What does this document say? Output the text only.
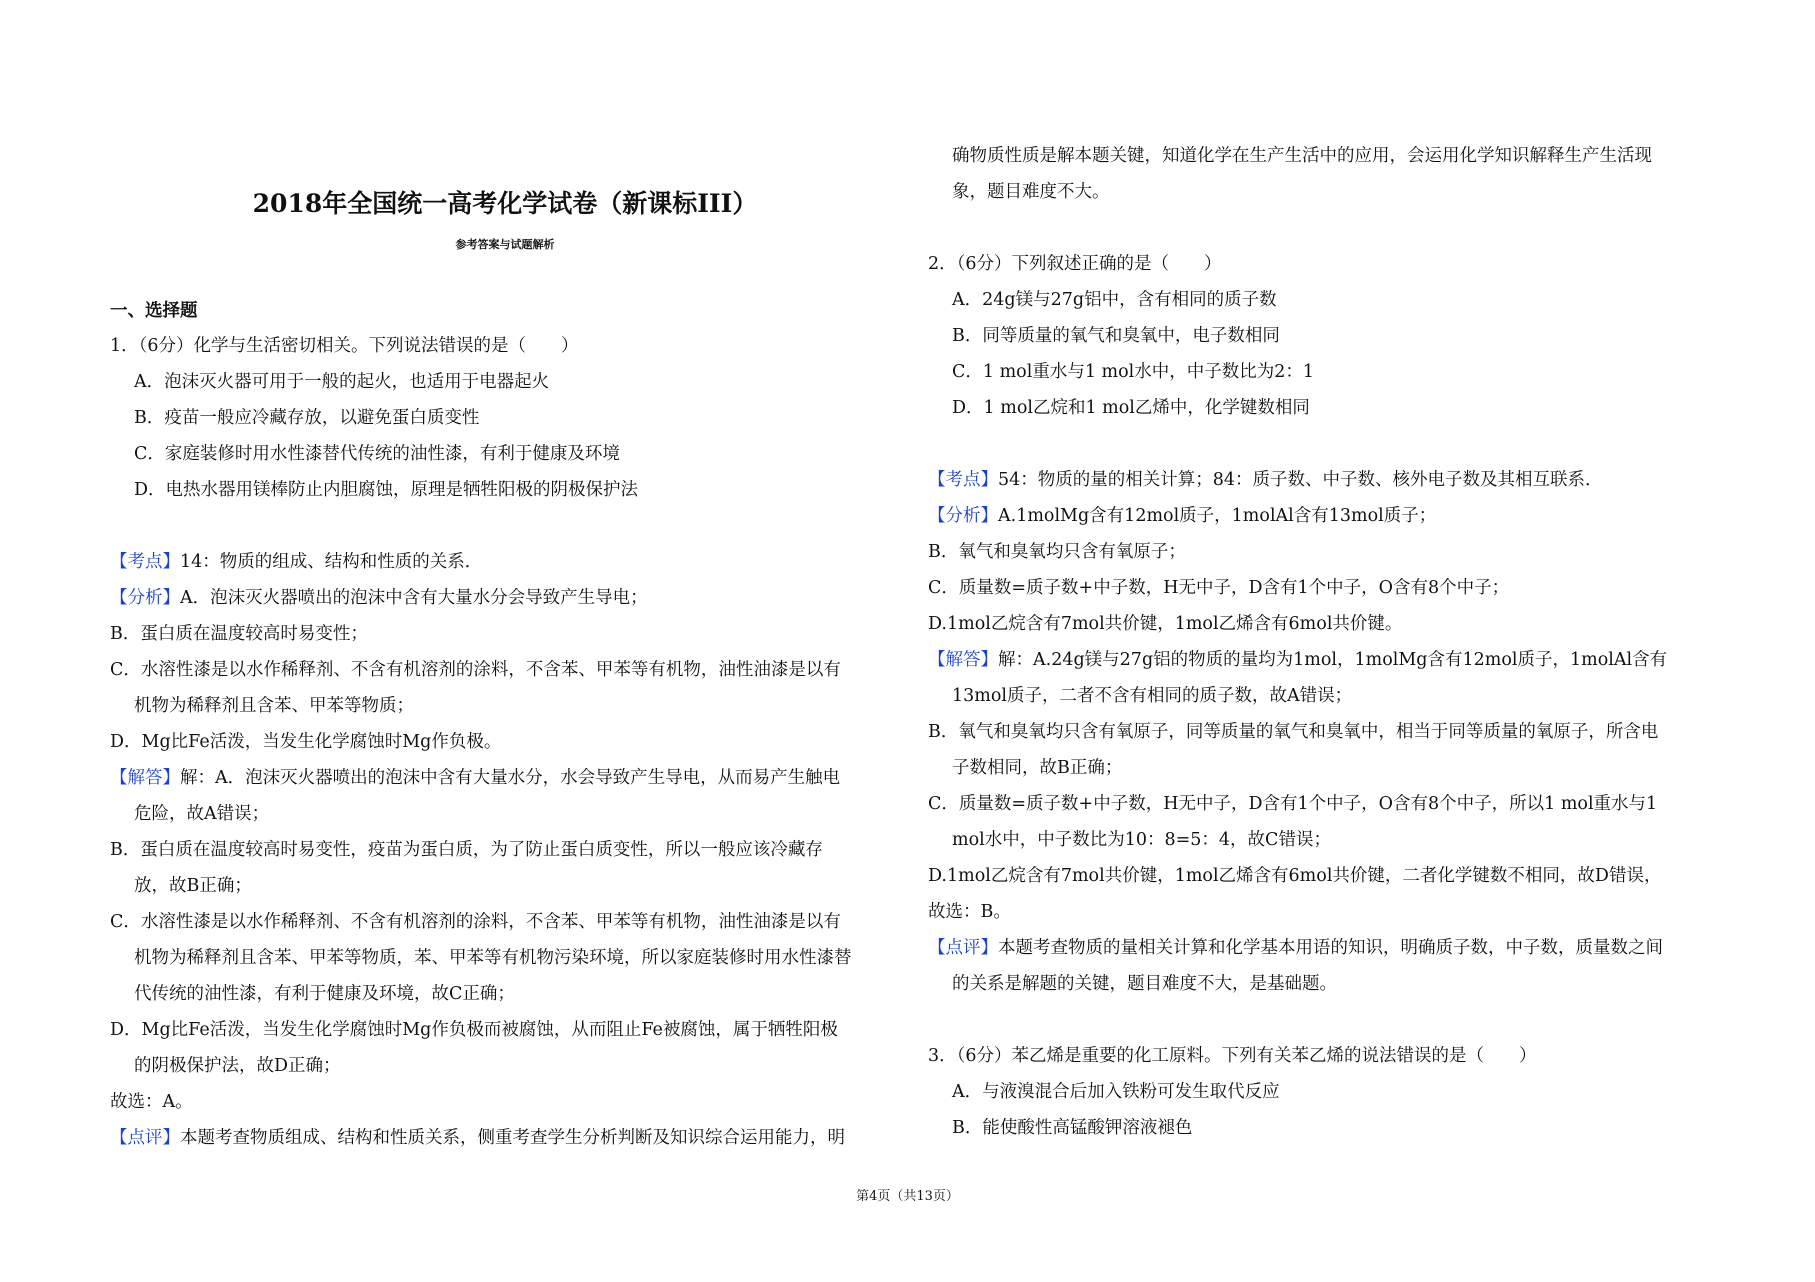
2018年全国统一高考化学试卷（新课标III）
参考答案与试题解析
一、选择题
1．（6分）化学与生活密切相关。下列说法错误的是（　　）
A．泡沫灭火器可用于一般的起火，也适用于电器起火
B．疫苗一般应冷藏存放，以避免蛋白质变性
C．家庭装修时用水性漆替代传统的油性漆，有利于健康及环境
D．电热水器用镁棒防止内胆腐蚀，原理是牺牲阳极的阴极保护法
【考点】14：物质的组成、结构和性质的关系．
【分析】A．泡沫灭火器喷出的泡沫中含有大量水分会导致产生导电；
B．蛋白质在温度较高时易变性；
C．水溶性漆是以水作稀释剂、不含有机溶剂的涂料，不含苯、甲苯等有机物，油性油漆是以有
机物为稀释剂且含苯、甲苯等物质；
D．Mg比Fe活泼，当发生化学腐蚀时Mg作负极。
【解答】解：A．泡沫灭火器喷出的泡沫中含有大量水分，水会导致产生导电，从而易产生触电
危险，故A错误；
B．蛋白质在温度较高时易变性，疫苗为蛋白质，为了防止蛋白质变性，所以一般应该冷藏存
放，故B正确；
C．水溶性漆是以水作稀释剂、不含有机溶剂的涂料，不含苯、甲苯等有机物，油性油漆是以有
机物为稀释剂且含苯、甲苯等物质，苯、甲苯等有机物污染环境，所以家庭装修时用水性漆替
代传统的油性漆，有利于健康及环境，故C正确；
D．Mg比Fe活泼，当发生化学腐蚀时Mg作负极而被腐蚀，从而阻止Fe被腐蚀，属于牺牲阳极
的阴极保护法，故D正确；
故选：A。
【点评】本题考查物质组成、结构和性质关系，侧重考查学生分析判断及知识综合运用能力，明
确物质性质是解本题关键，知道化学在生产生活中的应用，会运用化学知识解释生产生活现
象，题目难度不大。
2．（6分）下列叙述正确的是（　　）
A．24g镁与27g铝中，含有相同的质子数
B．同等质量的氧气和臭氧中，电子数相同
C．1 mol重水与1 mol水中，中子数比为2：1
D．1 mol乙烷和1 mol乙烯中，化学键数相同
【考点】54：物质的量的相关计算；84：质子数、中子数、核外电子数及其相互联系．
【分析】A.1molMg含有12mol质子，1molAl含有13mol质子；
B．氧气和臭氧均只含有氧原子；
C．质量数=质子数+中子数，H无中子，D含有1个中子，O含有8个中子；
D.1mol乙烷含有7mol共价键，1mol乙烯含有6mol共价键。
【解答】解：A.24g镁与27g铝的物质的量均为1mol，1molMg含有12mol质子，1molAl含有
13mol质子，二者不含有相同的质子数，故A错误；
B．氧气和臭氧均只含有氧原子，同等质量的氧气和臭氧中，相当于同等质量的氧原子，所含电
子数相同，故B正确；
C．质量数=质子数+中子数，H无中子，D含有1个中子，O含有8个中子，所以1 mol重水与1
mol水中，中子数比为10：8=5：4，故C错误；
D.1mol乙烷含有7mol共价键，1mol乙烯含有6mol共价键，二者化学键数不相同，故D错误，
故选：B。
【点评】本题考查物质的量相关计算和化学基本用语的知识，明确质子数，中子数，质量数之间
的关系是解题的关键，题目难度不大，是基础题。
3．（6分）苯乙烯是重要的化工原料。下列有关苯乙烯的说法错误的是（　　）
A．与液溴混合后加入铁粉可发生取代反应
B．能使酸性高锰酸钾溶液褪色
第4页（共13页）
